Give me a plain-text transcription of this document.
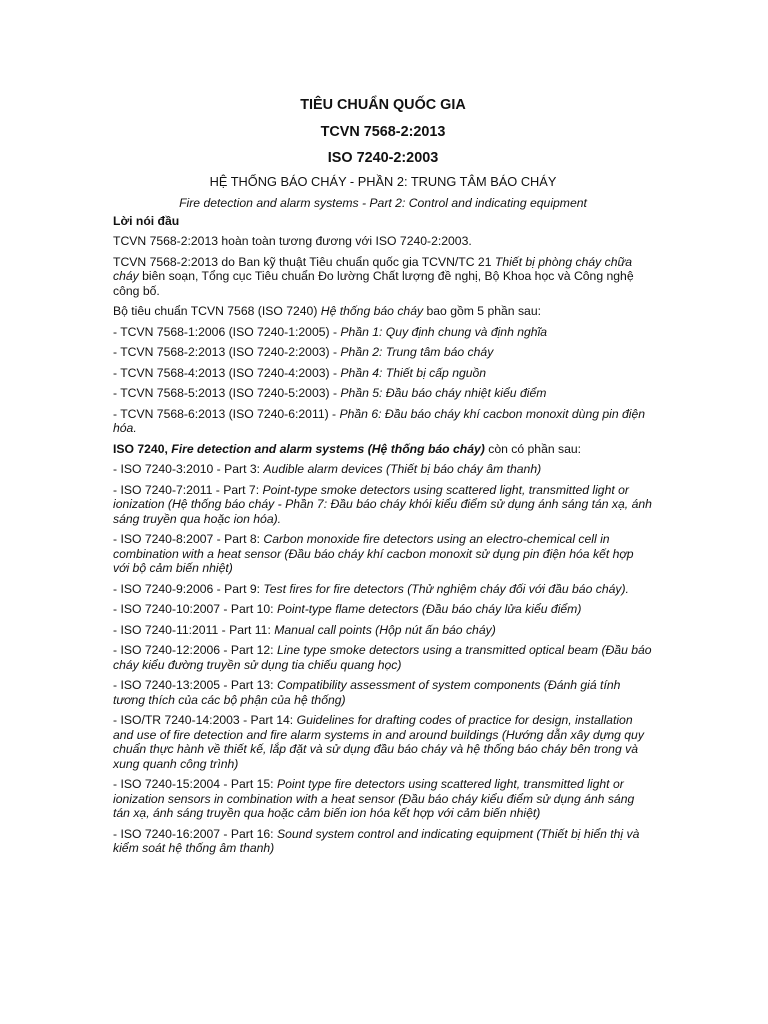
TIÊU CHUẨN QUỐC GIA
TCVN 7568-2:2013
ISO 7240-2:2003
HỆ THỐNG BÁO CHÁY - PHẦN 2: TRUNG TÂM BÁO CHÁY
Fire detection and alarm systems - Part 2: Control and indicating equipment
Lời nói đầu
TCVN 7568-2:2013 hoàn toàn tương đương với ISO 7240-2:2003.
TCVN 7568-2:2013 do Ban kỹ thuật Tiêu chuẩn quốc gia TCVN/TC 21 Thiết bị phòng cháy chữa cháy biên soạn, Tổng cục Tiêu chuẩn Đo lường Chất lượng đề nghị, Bộ Khoa học và Công nghệ công bố.
Bộ tiêu chuẩn TCVN 7568 (ISO 7240) Hệ thống báo cháy bao gồm 5 phần sau:
- TCVN 7568-1:2006 (ISO 7240-1:2005) - Phần 1: Quy định chung và định nghĩa
- TCVN 7568-2:2013 (ISO 7240-2:2003) - Phần 2: Trung tâm báo cháy
- TCVN 7568-4:2013 (ISO 7240-4:2003) - Phần 4: Thiết bị cấp nguồn
- TCVN 7568-5:2013 (ISO 7240-5:2003) - Phần 5: Đầu báo cháy nhiệt kiểu điểm
- TCVN 7568-6:2013 (ISO 7240-6:2011) - Phần 6: Đầu báo cháy khí cacbon monoxit dùng pin điện hóa.
ISO 7240, Fire detection and alarm systems (Hệ thống báo cháy) còn có phần sau:
- ISO 7240-3:2010 - Part 3: Audible alarm devices (Thiết bị báo cháy âm thanh)
- ISO 7240-7:2011 - Part 7: Point-type smoke detectors using scattered light, transmitted light or ionization (Hệ thống báo cháy - Phần 7: Đầu báo cháy khói kiểu điểm sử dụng ánh sáng tán xạ, ánh sáng truyền qua hoặc ion hóa).
- ISO 7240-8:2007 - Part 8: Carbon monoxide fire detectors using an electro-chemical cell in combination with a heat sensor (Đầu báo cháy khí cacbon monoxit sử dụng pin điện hóa kết hợp với bộ cảm biến nhiệt)
- ISO 7240-9:2006 - Part 9: Test fires for fire detectors (Thử nghiệm cháy đối với đầu báo cháy).
- ISO 7240-10:2007 - Part 10: Point-type flame detectors (Đầu báo cháy lửa kiểu điểm)
- ISO 7240-11:2011 - Part 11: Manual call points (Hộp nút ấn báo cháy)
- ISO 7240-12:2006 - Part 12: Line type smoke detectors using a transmitted optical beam (Đầu báo cháy kiểu đường truyền sử dụng tia chiếu quang học)
- ISO 7240-13:2005 - Part 13: Compatibility assessment of system components (Đánh giá tính tương thích của các bộ phận của hệ thống)
- ISO/TR 7240-14:2003 - Part 14: Guidelines for drafting codes of practice for design, installation and use of fire detection and fire alarm systems in and around buildings (Hướng dẫn xây dựng quy chuẩn thực hành về thiết kế, lắp đặt và sử dụng đầu báo cháy và hệ thống báo cháy bên trong và xung quanh công trình)
- ISO 7240-15:2004 - Part 15: Point type fire detectors using scattered light, transmitted light or ionization sensors in combination with a heat sensor (Đầu báo cháy kiểu điểm sử dụng ánh sáng tán xạ, ánh sáng truyền qua hoặc cảm biến ion hóa kết hợp với cảm biến nhiệt)
- ISO 7240-16:2007 - Part 16: Sound system control and indicating equipment (Thiết bị hiển thị và kiểm soát hệ thống âm thanh)
